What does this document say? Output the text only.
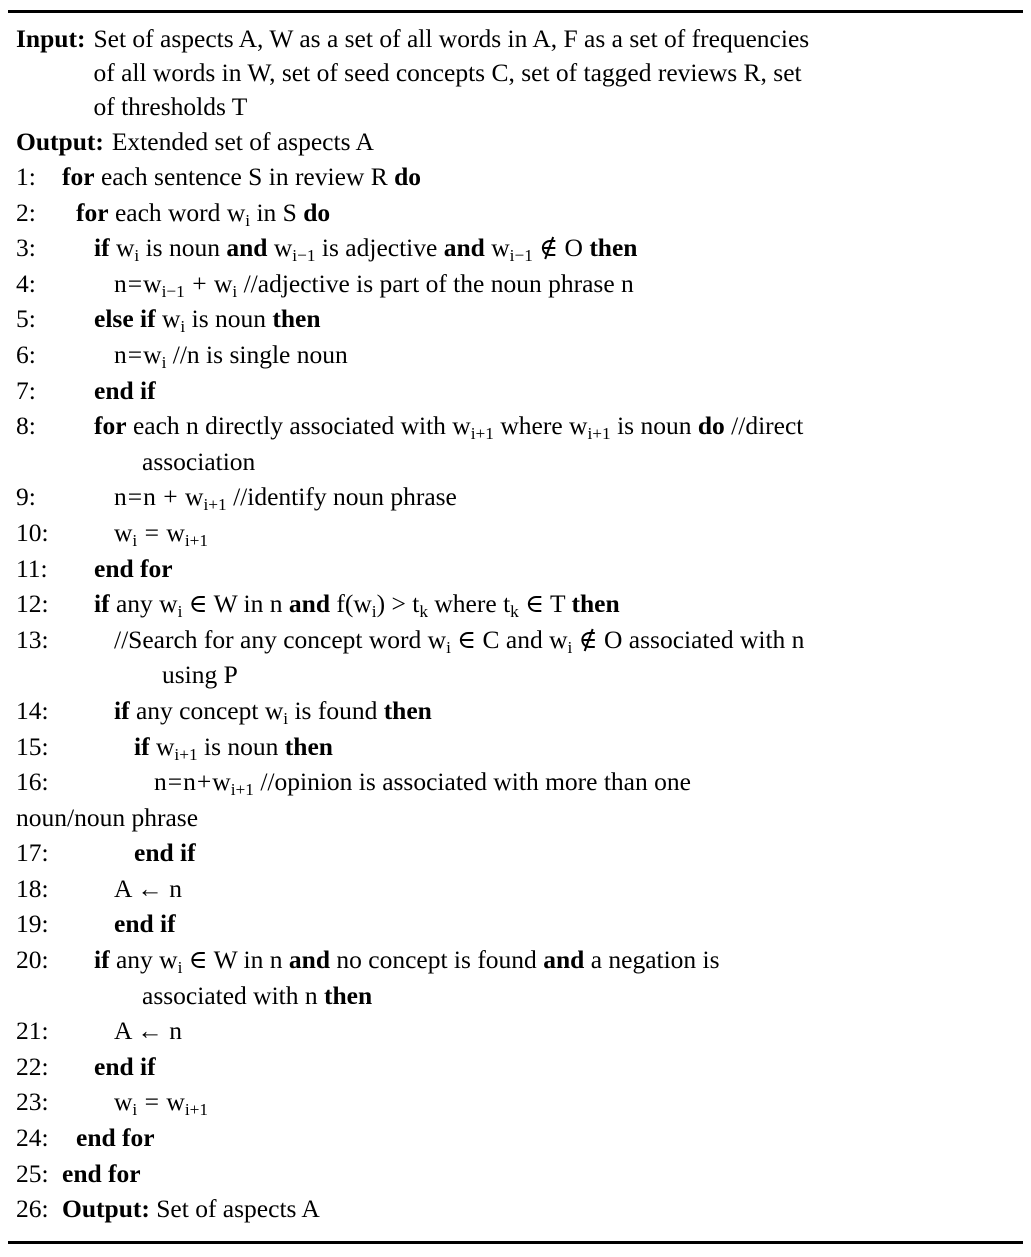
Input: Set of aspects A, W as a set of all words in A, F as a set of frequencies
of all words in W, set of seed concepts C, set of tagged reviews R, set
of thresholds T
Output: Extended set of aspects A
1:	for each sentence S in review R do
2:	for each word $w_i$ in S do
3:	if $w_i$ is noun and $w_{i-1}$ is adjective and $w_{i-1}$ ∉ O then
4:	$n=w_{i-1} + w_i$ //adjective is part of the noun phrase n
5:	else if $w_i$ is noun then
6:	$n=w_i$ //n is single noun
7:	end if
8:	for each n directly associated with $w_{i+1}$ where $w_{i+1}$ is noun do //direct
association
9:	$n=n + w_{i+1}$ //identify noun phrase
10:	$w_i = w_{i+1}$
11:	end for
12:	if any $w_i$ ∈ W in n and $f(w_i) > t_k$ where $t_k$ ∈ T then
13:	//Search for any concept word $w_i$ ∈ C and $w_i$ ∉ O associated with n
using P
14:	if any concept $w_i$ is found then
15:	if $w_{i+1}$ is noun then
16:	$n=n+w_{i+1}$ //opinion is associated with more than one
noun/noun phrase
17:	end if
18:	A ← n
19:	end if
20:	if any $w_i$ ∈ W in n and no concept is found and a negation is
associated with n then
21:	A ← n
22:	end if
23:	$w_i = w_{i+1}$
24:	end for
25: end for
26: Output: Set of aspects A
